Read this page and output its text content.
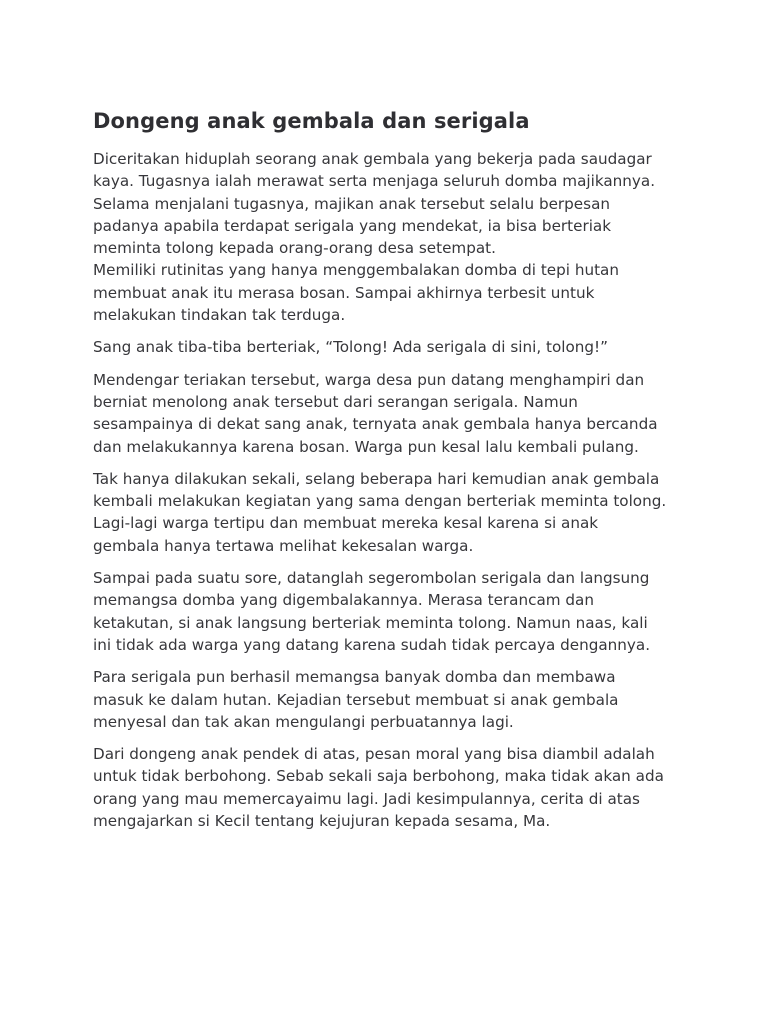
Dongeng anak gembala dan serigala

Diceritakan hiduplah seorang anak gembala yang bekerja pada saudagar
kaya. Tugasnya ialah merawat serta menjaga seluruh domba majikannya.
Selama menjalani tugasnya, majikan anak tersebut selalu berpesan
padanya apabila terdapat serigala yang mendekat, ia bisa berteriak
meminta tolong kepada orang-orang desa setempat.
Memiliki rutinitas yang hanya menggembalakan domba di tepi hutan
membuat anak itu merasa bosan. Sampai akhirnya terbesit untuk
melakukan tindakan tak terduga.

Sang anak tiba-tiba berteriak, “Tolong! Ada serigala di sini, tolong!”

Mendengar teriakan tersebut, warga desa pun datang menghampiri dan
berniat menolong anak tersebut dari serangan serigala. Namun
sesampainya di dekat sang anak, ternyata anak gembala hanya bercanda
dan melakukannya karena bosan. Warga pun kesal lalu kembali pulang.

Tak hanya dilakukan sekali, selang beberapa hari kemudian anak gembala
kembali melakukan kegiatan yang sama dengan berteriak meminta tolong.
Lagi-lagi warga tertipu dan membuat mereka kesal karena si anak
gembala hanya tertawa melihat kekesalan warga.

Sampai pada suatu sore, datanglah segerombolan serigala dan langsung
memangsa domba yang digembalakannya. Merasa terancam dan
ketakutan, si anak langsung berteriak meminta tolong. Namun naas, kali
ini tidak ada warga yang datang karena sudah tidak percaya dengannya.

Para serigala pun berhasil memangsa banyak domba dan membawa
masuk ke dalam hutan. Kejadian tersebut membuat si anak gembala
menyesal dan tak akan mengulangi perbuatannya lagi.

Dari dongeng anak pendek di atas, pesan moral yang bisa diambil adalah
untuk tidak berbohong. Sebab sekali saja berbohong, maka tidak akan ada
orang yang mau memercayaimu lagi. Jadi kesimpulannya, cerita di atas
mengajarkan si Kecil tentang kejujuran kepada sesama, Ma.
